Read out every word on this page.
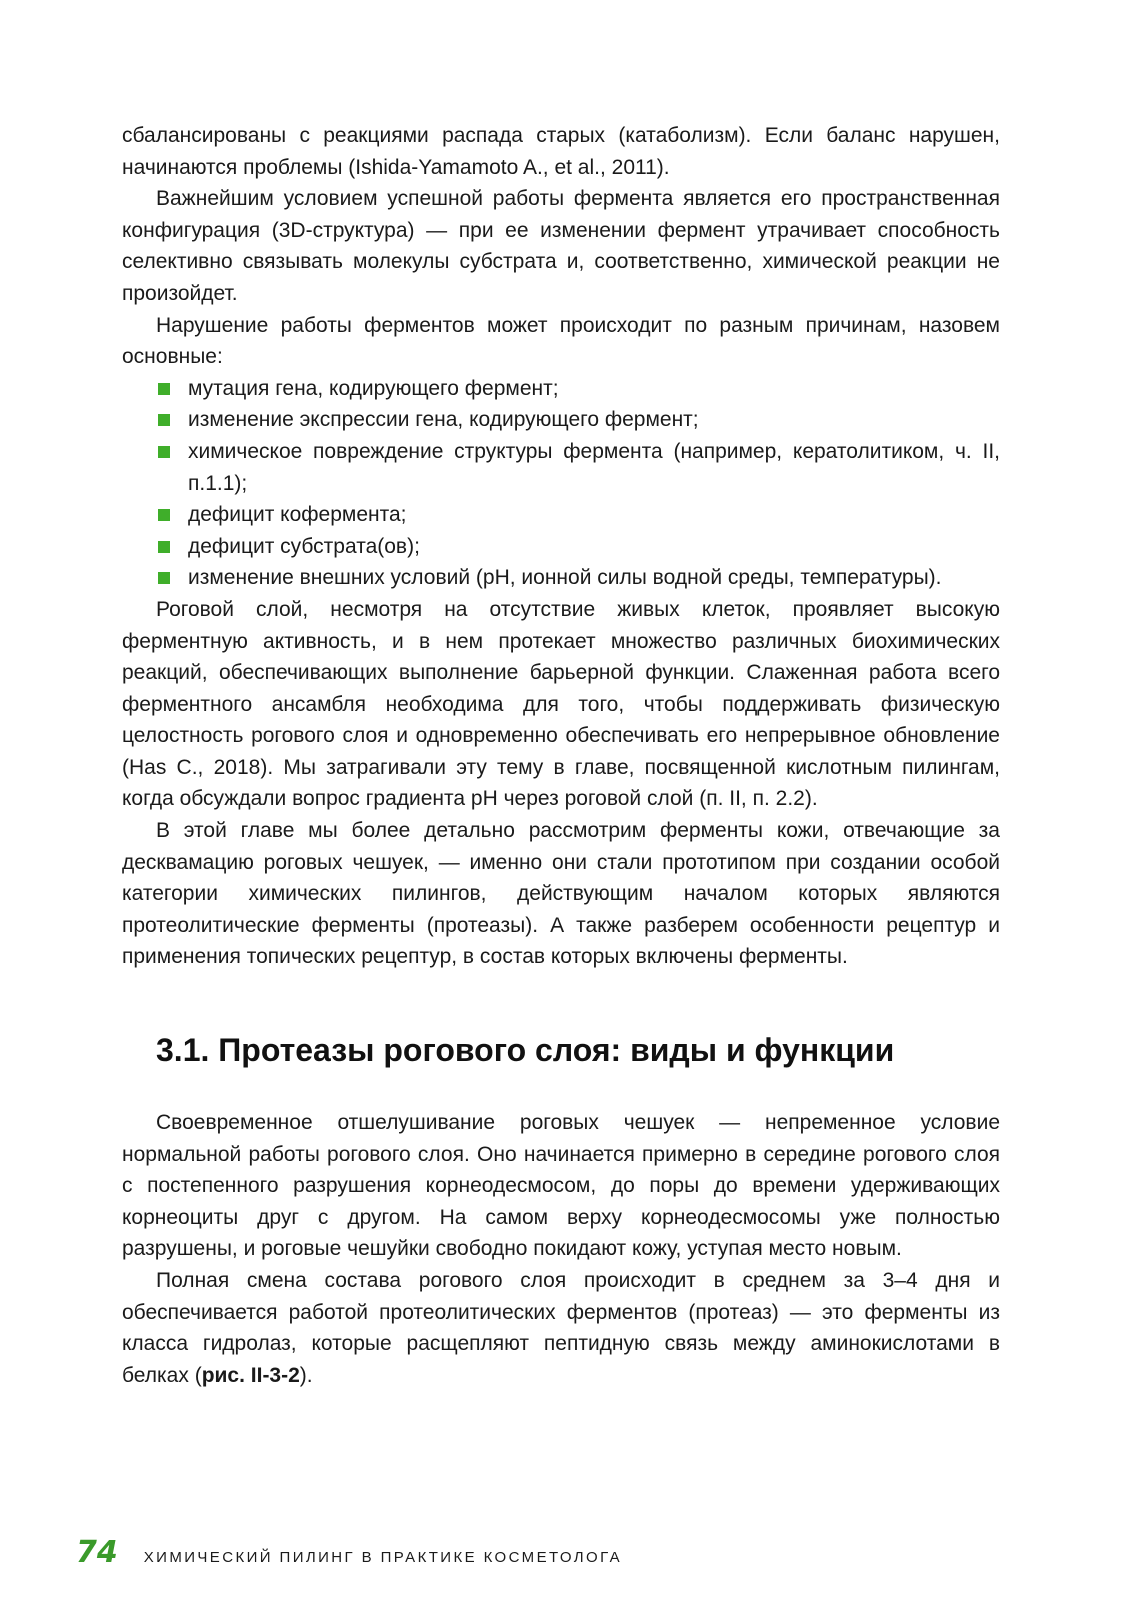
сбалансированы с реакциями распада старых (катаболизм). Если баланс нарушен, начинаются проблемы (Ishida-Yamamoto A., et al., 2011).

Важнейшим условием успешной работы фермента является его пространственная конфигурация (3D-структура) — при ее изменении фермент утрачивает способность селективно связывать молекулы субстрата и, соответственно, химической реакции не произойдет.

Нарушение работы ферментов может происходит по разным причинам, назовем основные:

мутация гена, кодирующего фермент;
изменение экспрессии гена, кодирующего фермент;
химическое повреждение структуры фермента (например, кератолитиком, ч. II, п.1.1);
дефицит кофермента;
дефицит субстрата(ов);
изменение внешних условий (pH, ионной силы водной среды, температуры).

Роговой слой, несмотря на отсутствие живых клеток, проявляет высокую ферментную активность, и в нем протекает множество различных биохимических реакций, обеспечивающих выполнение барьерной функции. Слаженная работа всего ферментного ансамбля необходима для того, чтобы поддерживать физическую целостность рогового слоя и одновременно обеспечивать его непрерывное обновление (Has C., 2018). Мы затрагивали эту тему в главе, посвященной кислотным пилингам, когда обсуждали вопрос градиента pH через роговой слой (п. II, п. 2.2).

В этой главе мы более детально рассмотрим ферменты кожи, отвечающие за десквамацию роговых чешуек, — именно они стали прототипом при создании особой категории химических пилингов, действующим началом которых являются протеолитические ферменты (протеазы). А также разберем особенности рецептур и применения топических рецептур, в состав которых включены ферменты.

3.1. Протеазы рогового слоя: виды и функции

Своевременное отшелушивание роговых чешуек — непременное условие нормальной работы рогового слоя. Оно начинается примерно в середине рогового слоя с постепенного разрушения корнеодесмосом, до поры до времени удерживающих корнеоциты друг с другом. На самом верху корнеодесмосомы уже полностью разрушены, и роговые чешуйки свободно покидают кожу, уступая место новым.

Полная смена состава рогового слоя происходит в среднем за 3–4 дня и обеспечивается работой протеолитических ферментов (протеаз) — это ферменты из класса гидролаз, которые расщепляют пептидную связь между аминокислотами в белках (рис. II-3-2).

74 ХИМИЧЕСКИЙ ПИЛИНГ В ПРАКТИКЕ КОСМЕТОЛОГА
